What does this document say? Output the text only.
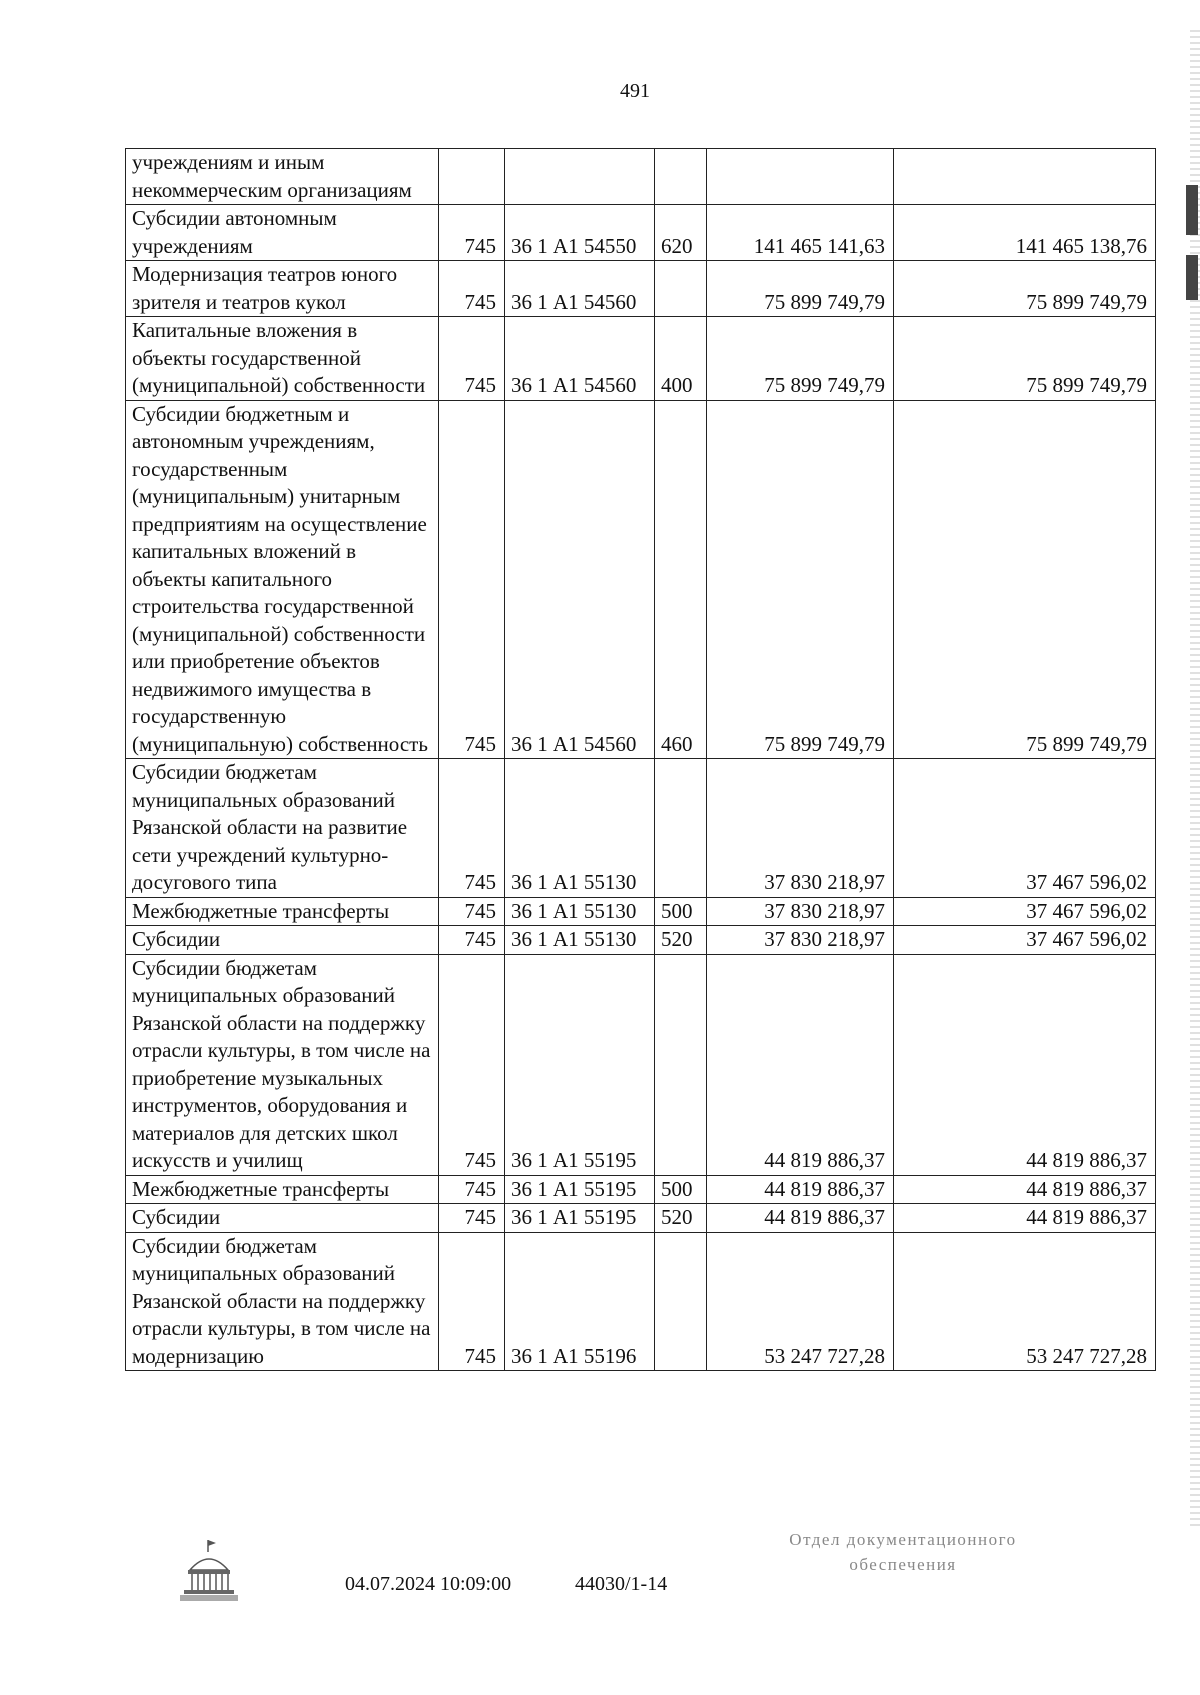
491
учреждениям и иным некоммерческим организациям					
Субсидии автономным учреждениям	745	36 1 А1 54550	620	141 465 141,63	141 465 138,76
Модернизация театров юного зрителя и театров кукол	745	36 1 А1 54560		75 899 749,79	75 899 749,79
Капитальные вложения в объекты государственной (муниципальной) собственности	745	36 1 А1 54560	400	75 899 749,79	75 899 749,79
Субсидии бюджетным и автономным учреждениям, государственным (муниципальным) унитарным предприятиям на осуществление капитальных вложений в объекты капитального строительства государственной (муниципальной) собственности или приобретение объектов недвижимого имущества в государственную (муниципальную) собственность	745	36 1 А1 54560	460	75 899 749,79	75 899 749,79
Субсидии бюджетам муниципальных образований Рязанской области на развитие сети учреждений культурно-досугового типа	745	36 1 А1 55130		37 830 218,97	37 467 596,02
Межбюджетные трансферты	745	36 1 А1 55130	500	37 830 218,97	37 467 596,02
Субсидии	745	36 1 А1 55130	520	37 830 218,97	37 467 596,02
Субсидии бюджетам муниципальных образований Рязанской области на поддержку отрасли культуры, в том числе на приобретение музыкальных инструментов, оборудования и материалов для детских школ искусств и училищ	745	36 1 А1 55195		44 819 886,37	44 819 886,37
Межбюджетные трансферты	745	36 1 А1 55195	500	44 819 886,37	44 819 886,37
Субсидии	745	36 1 А1 55195	520	44 819 886,37	44 819 886,37
Субсидии бюджетам муниципальных образований Рязанской области на поддержку отрасли культуры, в том числе на модернизацию	745	36 1 А1 55196		53 247 727,28	53 247 727,28
04.07.2024 10:09:00	44030/1-14
Отдел документационного
обеспечения
